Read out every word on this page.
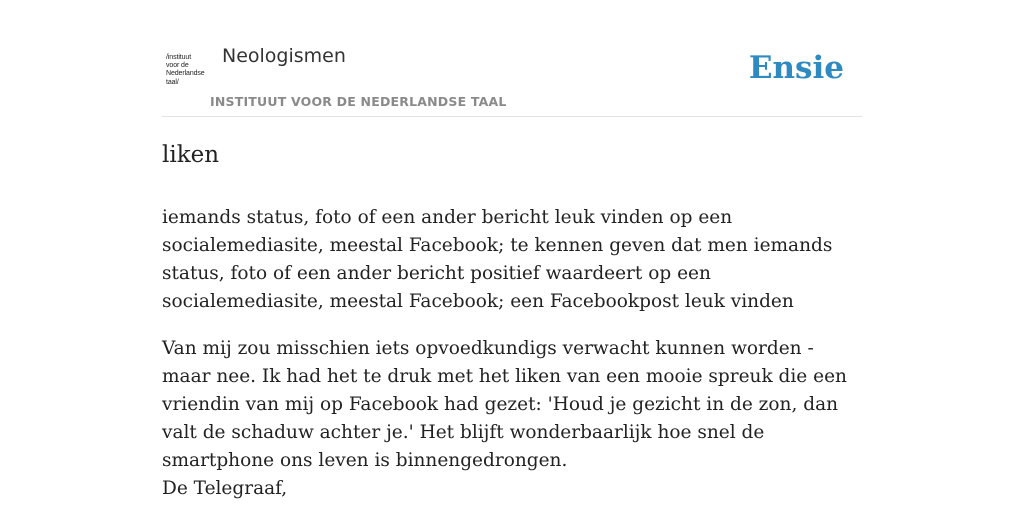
/instituut
voor de
Nederlandse
taal/
Neologismen
INSTITUUT VOOR DE NEDERLANDSE TAAL
Ensie
liken

iemands status, foto of een ander bericht leuk vinden op een socialemediasite, meestal Facebook; te kennen geven dat men iemands status, foto of een ander bericht positief waardeert op een socialemediasite, meestal Facebook; een Facebookpost leuk vinden

Van mij zou misschien iets opvoedkundigs verwacht kunnen worden - maar nee. Ik had het te druk met het liken van een mooie spreuk die een vriendin van mij op Facebook had gezet: 'Houd je gezicht in de zon, dan valt de schaduw achter je.' Het blijft wonderbaarlijk hoe snel de smartphone ons leven is binnengedrongen.
De Telegraaf,
